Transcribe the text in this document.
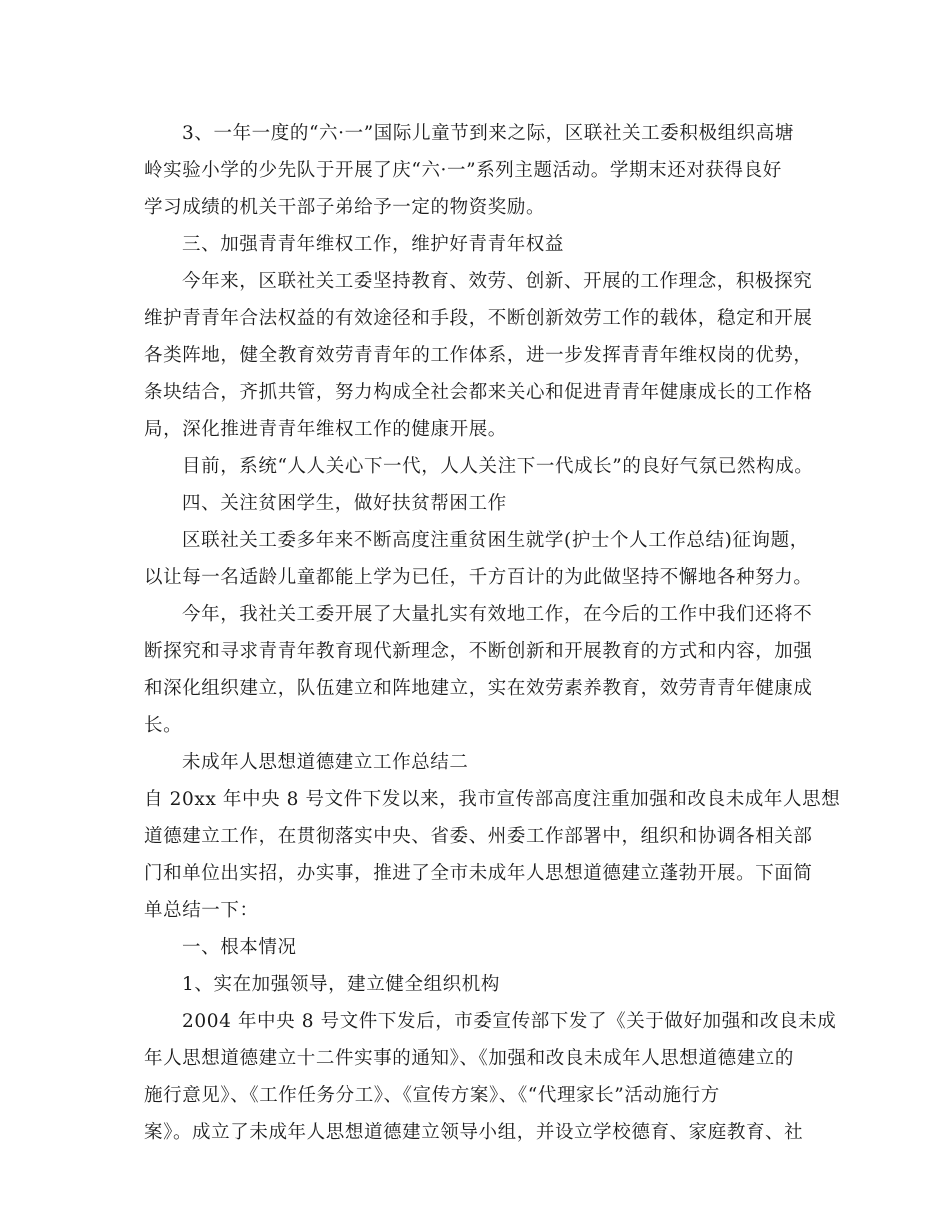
3、一年一度的“六·一”国际儿童节到来之际，区联社关工委积极组织高塘
岭实验小学的少先队于开展了庆“六·一”系列主题活动。学期末还对获得良好
学习成绩的机关干部子弟给予一定的物资奖励。
三、加强青青年维权工作，维护好青青年权益
今年来，区联社关工委坚持教育、效劳、创新、开展的工作理念，积极探究
维护青青年合法权益的有效途径和手段，不断创新效劳工作的载体，稳定和开展
各类阵地，健全教育效劳青青年的工作体系，进一步发挥青青年维权岗的优势，
条块结合，齐抓共管，努力构成全社会都来关心和促进青青年健康成长的工作格
局，深化推进青青年维权工作的健康开展。
目前，系统“人人关心下一代，人人关注下一代成长”的良好气氛已然构成。
四、关注贫困学生，做好扶贫帮困工作
区联社关工委多年来不断高度注重贫困生就学(护士个人工作总结)征询题，
以让每一名适龄儿童都能上学为已任，千方百计的为此做坚持不懈地各种努力。
今年，我社关工委开展了大量扎实有效地工作，在今后的工作中我们还将不
断探究和寻求青青年教育现代新理念，不断创新和开展教育的方式和内容，加强
和深化组织建立，队伍建立和阵地建立，实在效劳素养教育，效劳青青年健康成
长。
未成年人思想道德建立工作总结二
自 20xx 年中央 8 号文件下发以来，我市宣传部高度注重加强和改良未成年人思想
道德建立工作，在贯彻落实中央、省委、州委工作部署中，组织和协调各相关部
门和单位出实招，办实事，推进了全市未成年人思想道德建立蓬勃开展。下面简
单总结一下：
一、根本情况
1、实在加强领导，建立健全组织机构
2004 年中央 8 号文件下发后，市委宣传部下发了《关于做好加强和改良未成
年人思想道德建立十二件实事的通知》、《加强和改良未成年人思想道德建立的
施行意见》、《工作任务分工》、《宣传方案》、《“代理家长”活动施行方
案》。成立了未成年人思想道德建立领导小组，并设立学校德育、家庭教育、社
